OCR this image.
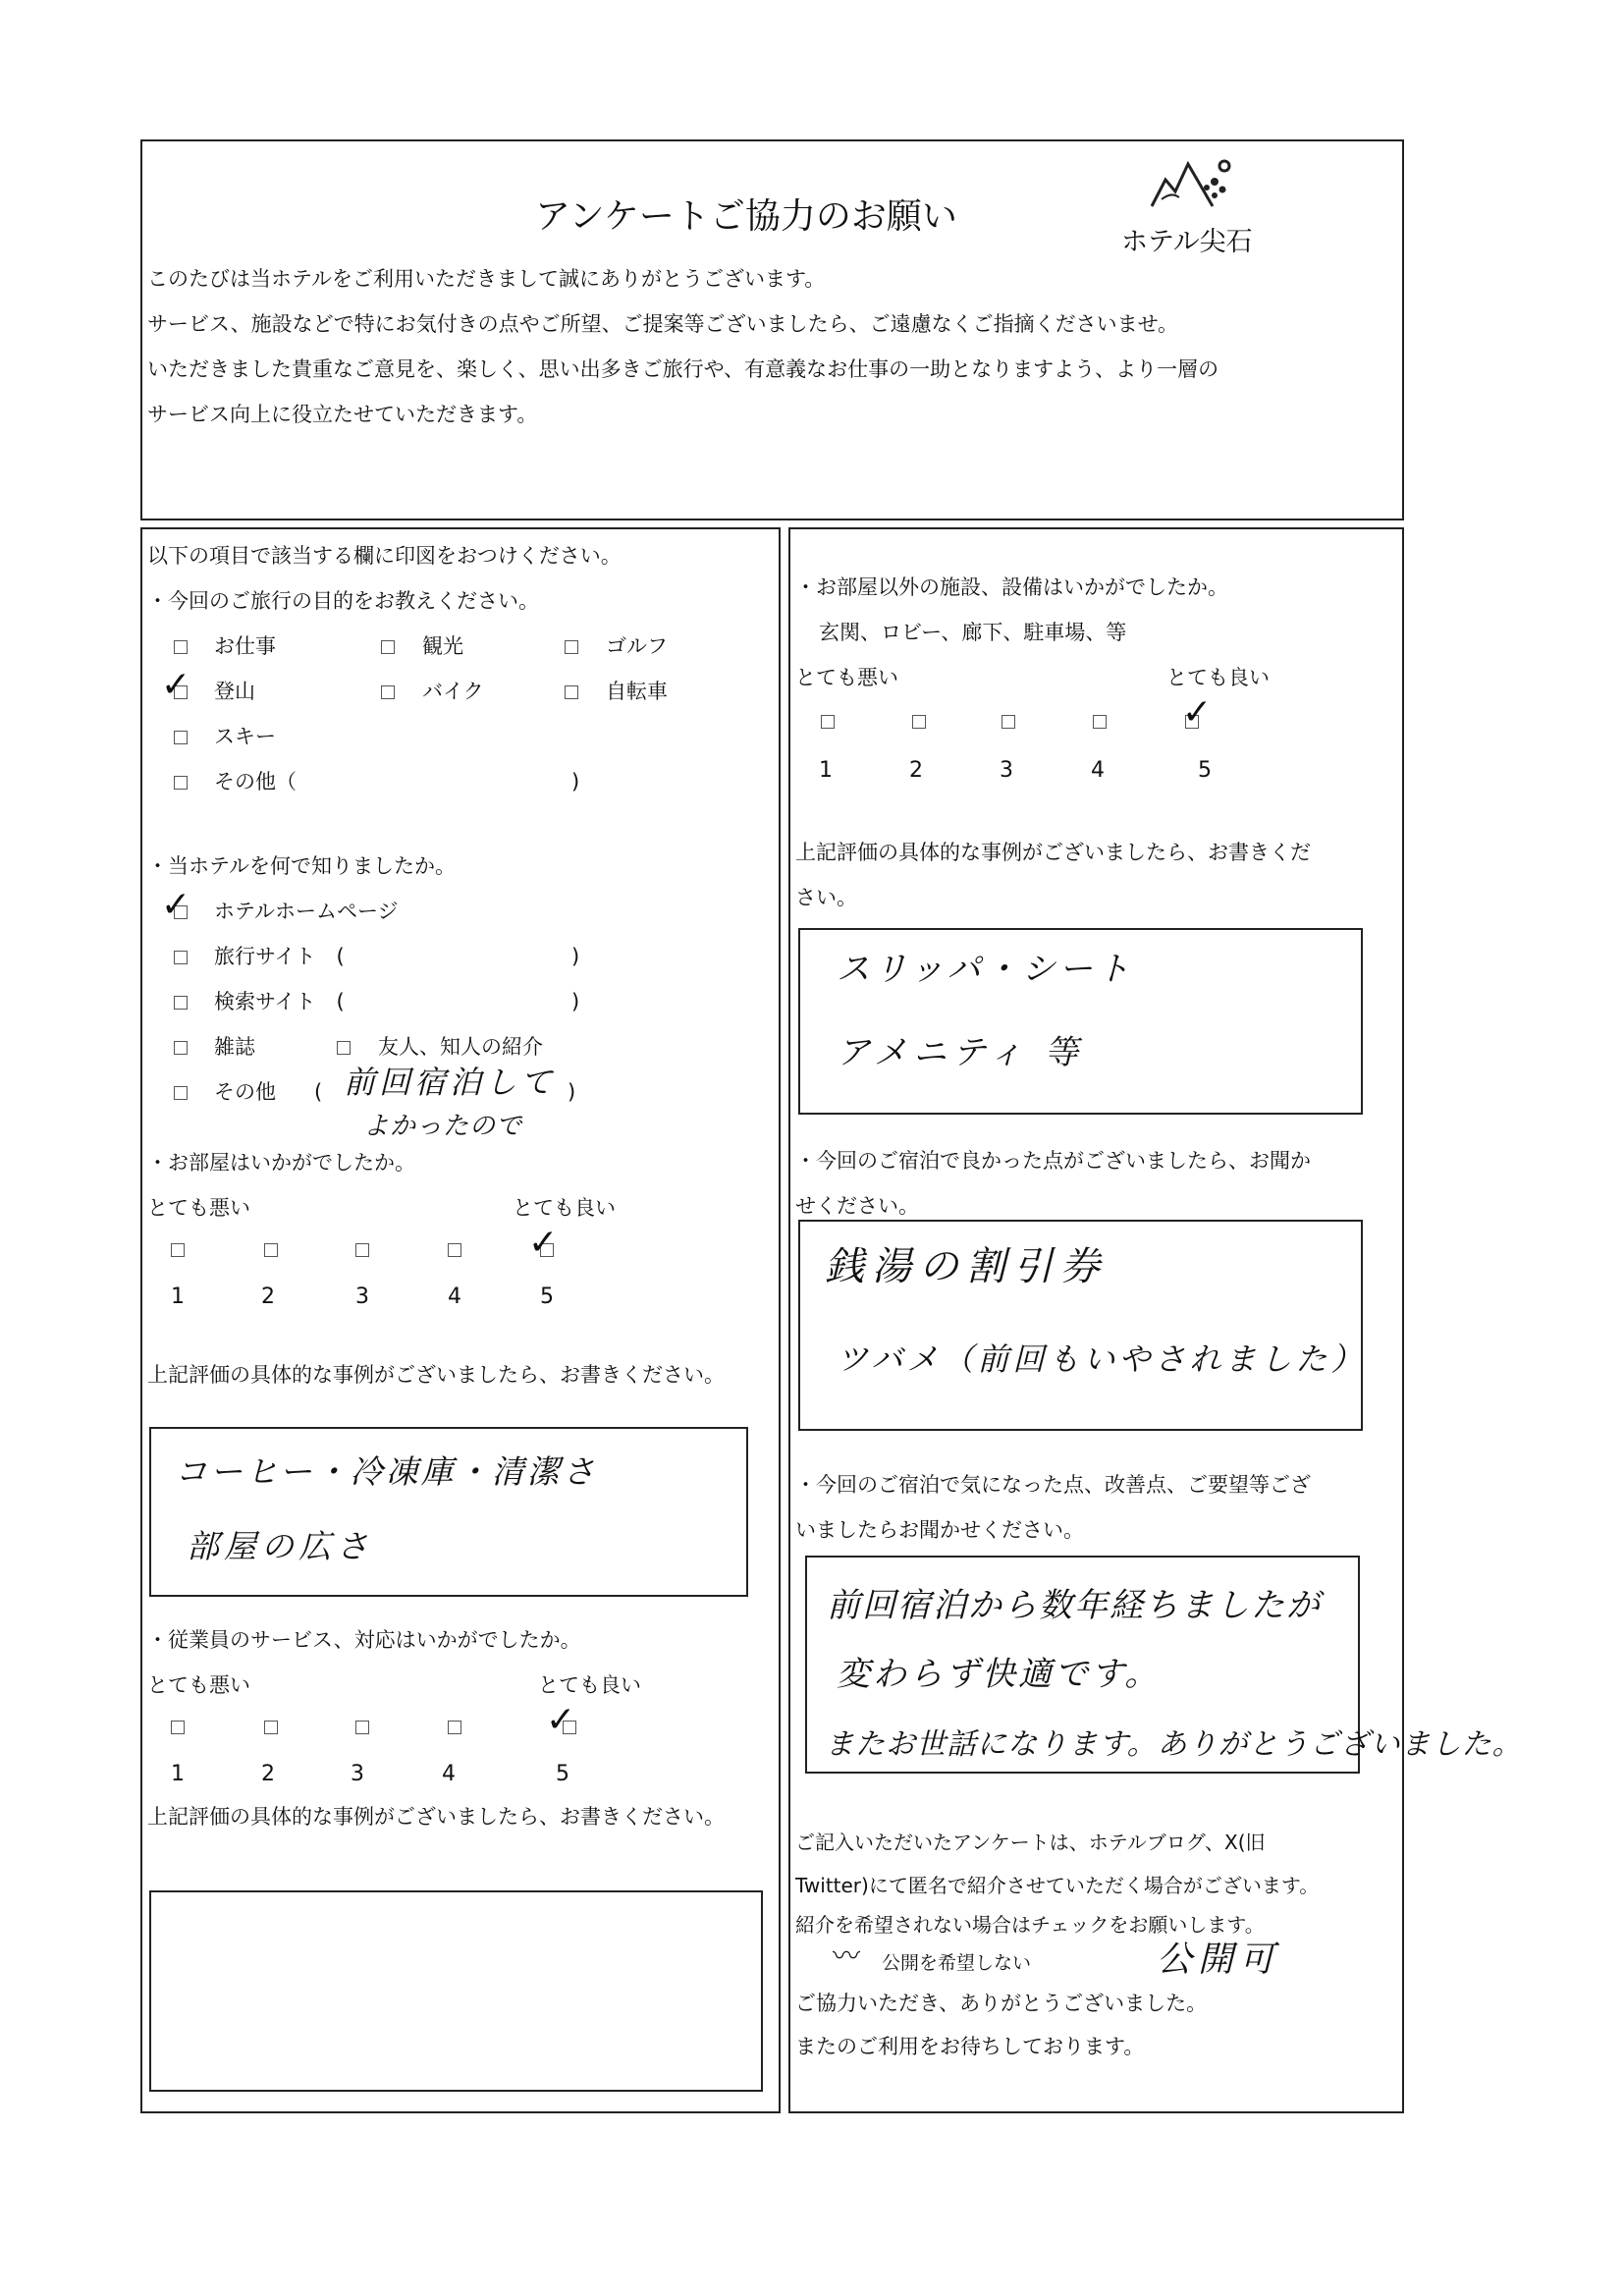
アンケートご協力のお願い
ホテル尖石
このたびは当ホテルをご利用いただきまして誠にありがとうございます。
サービス、施設などで特にお気付きの点やご所望、ご提案等ございましたら、ご遠慮なくご指摘くださいませ。
いただきました貴重なご意見を、楽しく、思い出多きご旅行や、有意義なお仕事の一助となりますよう、より一層の
サービス向上に役立たせていただきます。
以下の項目で該当する欄に印図をおつけください。
・今回のご旅行の目的をお教えください。
お仕事	観光	ゴルフ
✓ 登山	バイク	自転車
スキー
その他（	)
・当ホテルを何で知りましたか。
✓ ホテルホームページ
旅行サイト　(	)
検索サイト　(	)
雑誌	友人、知人の紹介
その他 ( 前回宿泊して )
よかったので
・お部屋はいかがでしたか。
とても悪い	とても良い
✓
1	2	3	4	5
上記評価の具体的な事例がございましたら、お書きください。
コーヒー・冷凍庫・清潔さ
部屋の広さ
・従業員のサービス、対応はいかがでしたか。
とても悪い	とても良い
✓
1	2	3	4	5
上記評価の具体的な事例がございましたら、お書きください。
・お部屋以外の施設、設備はいかがでしたか。
玄関、ロビー、廊下、駐車場、等
とても悪い	とても良い
✓
1	2	3	4	5
上記評価の具体的な事例がございましたら、お書きくだ
さい。
スリッパ・シート
アメニティ 等
・今回のご宿泊で良かった点がございましたら、お聞か
せください。
銭湯の割引券
ツバメ（前回もいやされました）
・今回のご宿泊で気になった点、改善点、ご要望等ござ
いましたらお聞かせください。
前回宿泊から数年経ちましたが
変わらず快適です。
またお世話になります。ありがとうございました。
ご記入いただいたアンケートは、ホテルブログ、X(旧
Twitter)にて匿名で紹介させていただく場合がございます。
紹介を希望されない場合はチェックをお願いします。
〰 公開を希望しない	公開可
ご協力いただき、ありがとうございました。
またのご利用をお待ちしております。
